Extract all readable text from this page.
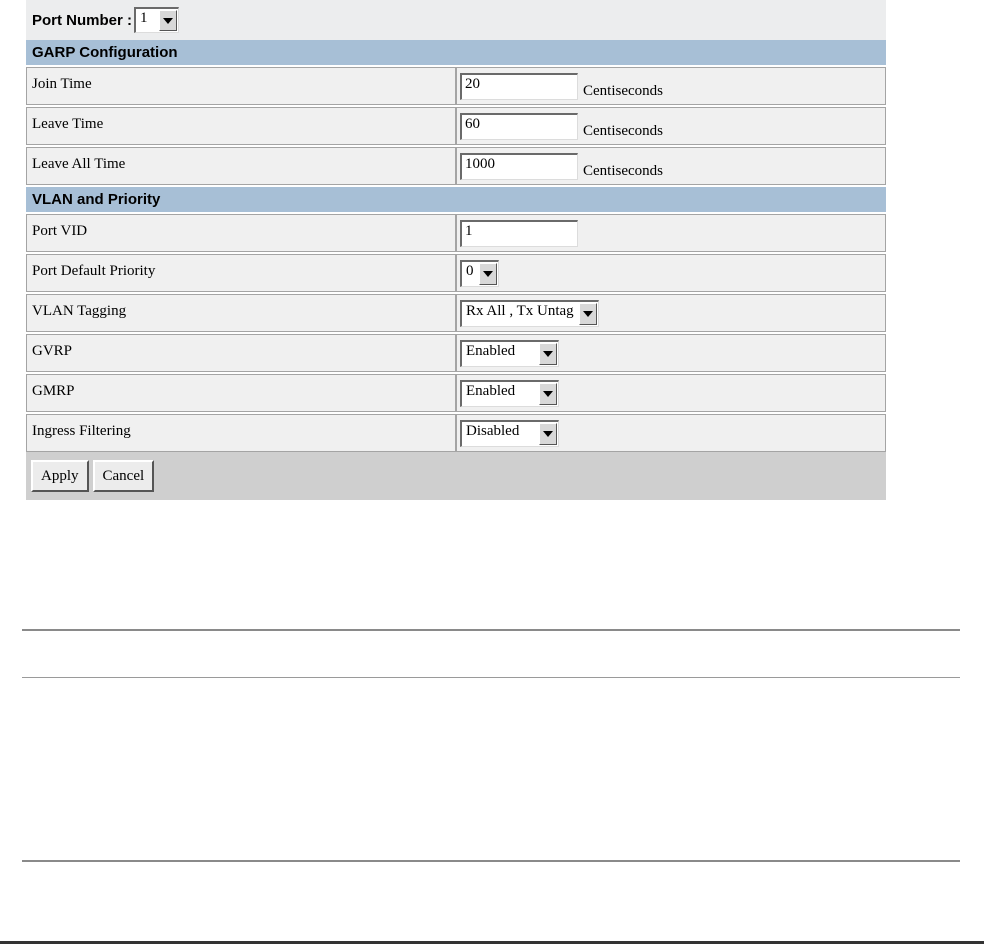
Port Number : 1
GARP Configuration
Join Time	20	Centiseconds
Leave Time	60	Centiseconds
Leave All Time	1000	Centiseconds
VLAN and Priority
Port VID	1
Port Default Priority	0
VLAN Tagging	Rx All , Tx Untag
GVRP	Enabled
GMRP	Enabled
Ingress Filtering	Disabled
Apply	Cancel
